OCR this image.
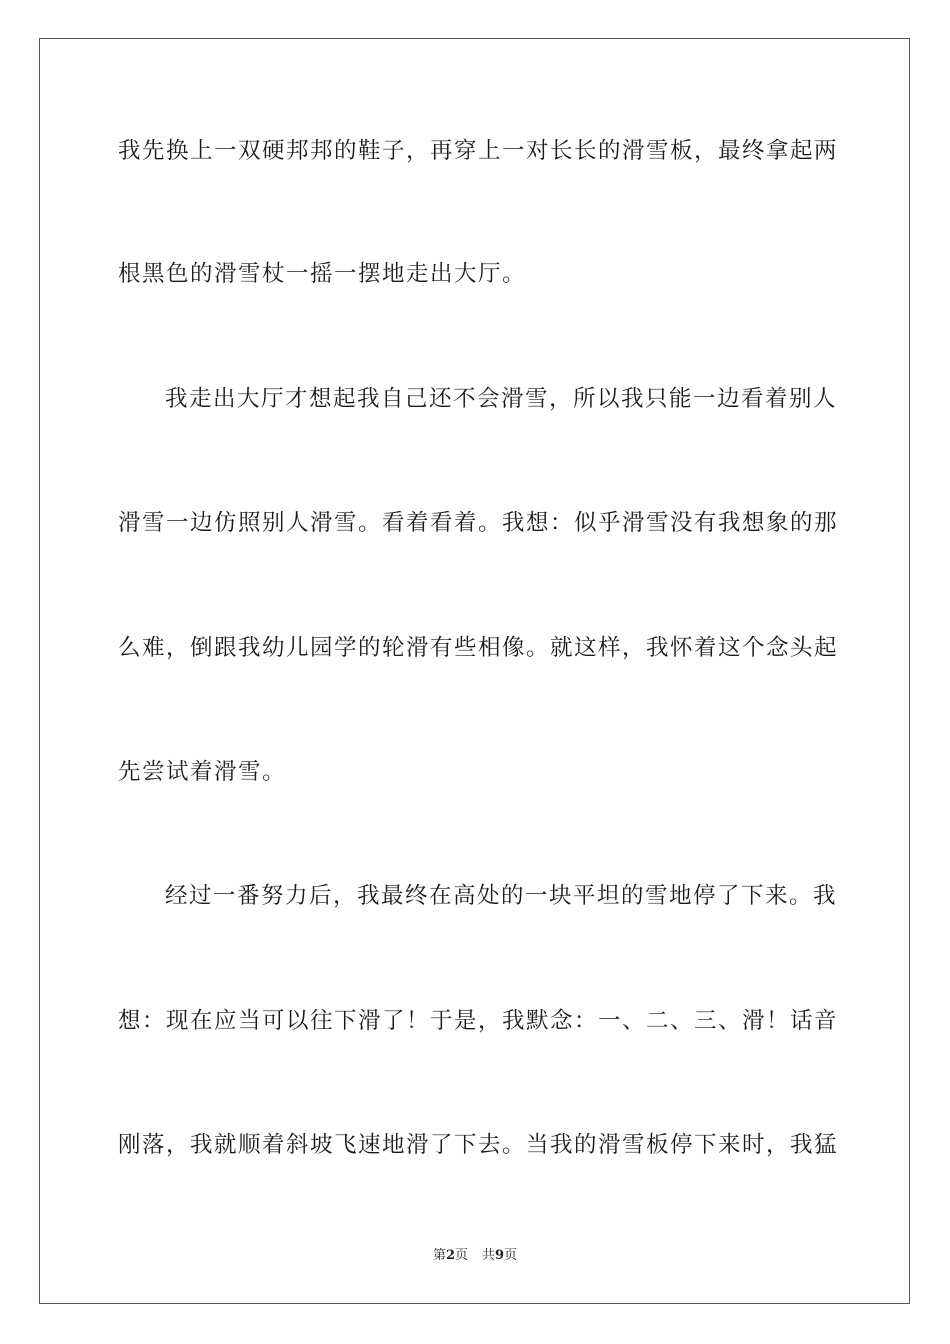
我先换上一双硬邦邦的鞋子，再穿上一对长长的滑雪板，最终拿起两
根黑色的滑雪杖一摇一摆地走出大厅。
我走出大厅才想起我自己还不会滑雪，所以我只能一边看着别人
滑雪一边仿照别人滑雪。看着看着。我想：似乎滑雪没有我想象的那
么难，倒跟我幼儿园学的轮滑有些相像。就这样，我怀着这个念头起
先尝试着滑雪。
经过一番努力后，我最终在高处的一块平坦的雪地停了下来。我
想：现在应当可以往下滑了！于是，我默念：一、二、三、滑！话音
刚落，我就顺着斜坡飞速地滑了下去。当我的滑雪板停下来时，我猛
第2页 共9页
